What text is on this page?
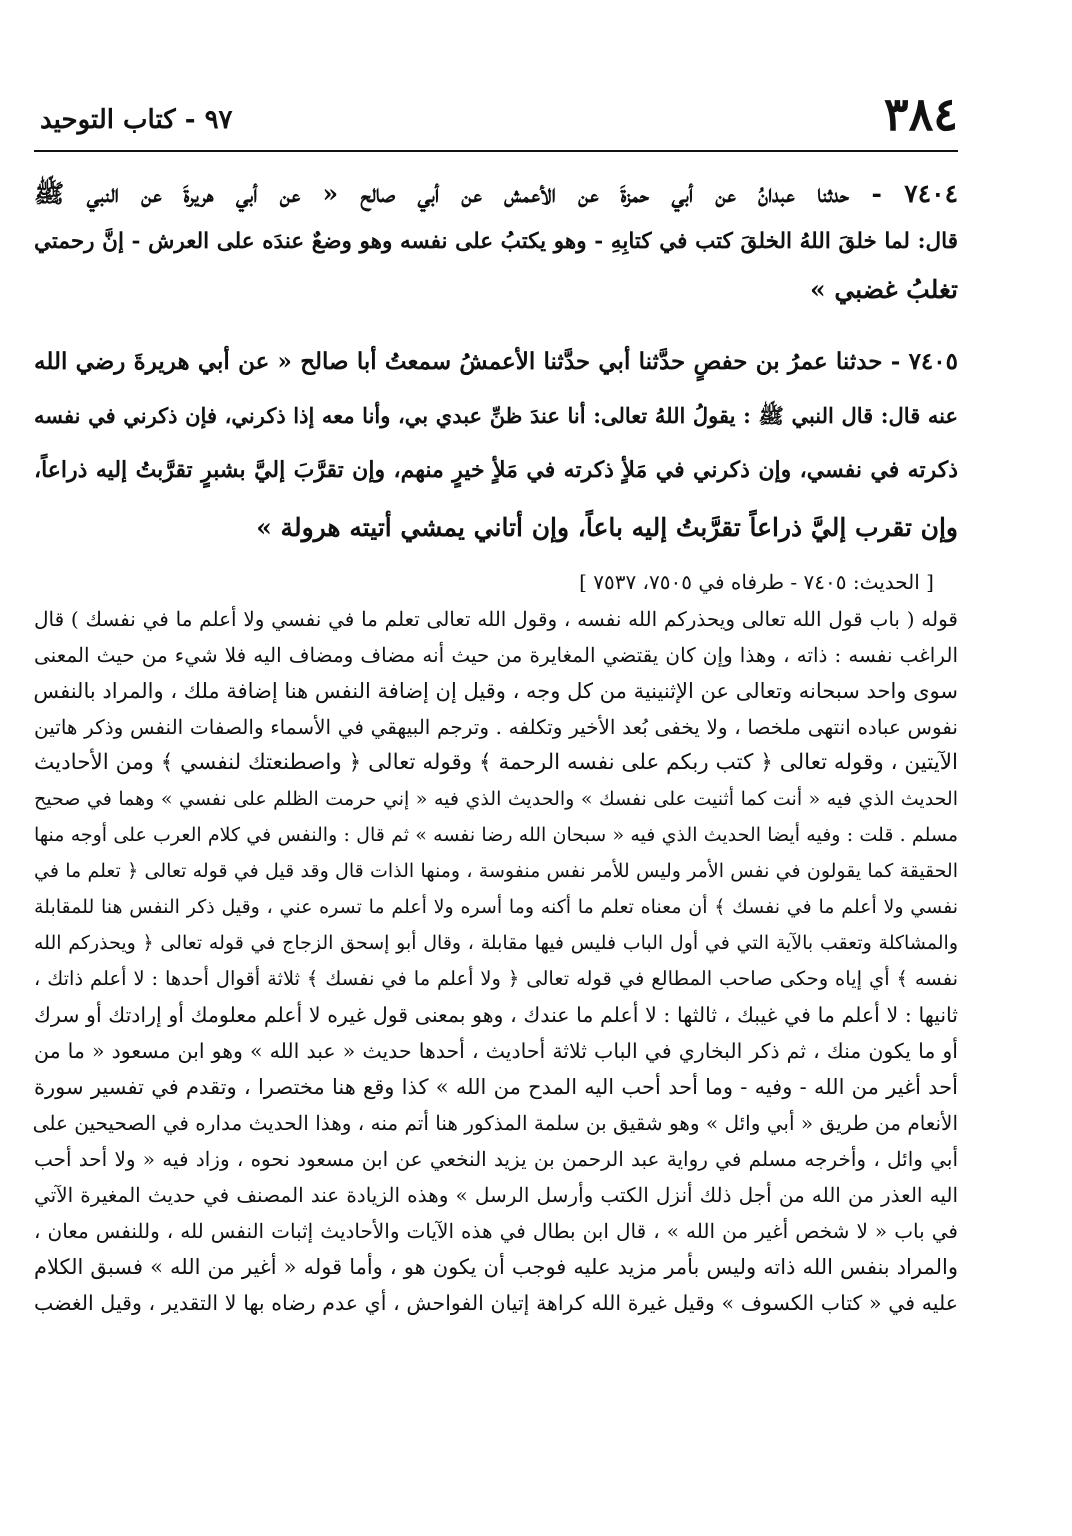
٣٨٤
٩٧ - كتاب التوحيد
٧٤٠٤ - حدثنا عبدانُ عن أبي حمزةَ عن الأعمش عن أبي صالح « عن أبي هريرةَ عن النبي ﷺ
قال: لما خلقَ اللهُ الخلقَ كتب في كتابِهِ - وهو يكتبُ على نفسه وهو وضعٌ عندَه على العرش - إنَّ رحمتي
تغلبُ غضبي »
٧٤٠٥ - حدثنا عمرُ بن حفصٍ حدَّثنا أبي حدَّثنا الأعمشُ سمعتُ أبا صالح « عن أبي هريرةَ رضي الله
عنه قال: قال النبي ﷺ : يقولُ اللهُ تعالى: أنا عندَ ظنِّ عبدي بي، وأنا معه إذا ذكرني، فإن ذكرني في نفسه
ذكرته في نفسي، وإن ذكرني في مَلأٍ ذكرته في مَلأٍ خيرٍ منهم، وإن تقرَّبَ إليَّ بشبرٍ تقرَّبتُ إليه ذراعاً،
وإن تقرب إليَّ ذراعاً تقرَّبتُ إليه باعاً، وإن أتاني يمشي أتيته هرولة »
[ الحديث: ٧٤٠٥ - طرفاه في ٧٥٠٥، ٧٥٣٧ ]
قوله ( باب قول الله تعالى ويحذركم الله نفسه ، وقول الله تعالى تعلم ما في نفسي ولا أعلم ما في نفسك ) قال
الراغب نفسه : ذاته ، وهذا وإن كان يقتضي المغايرة من حيث أنه مضاف ومضاف اليه فلا شيء من حيث المعنى
سوى واحد سبحانه وتعالى عن الإثنينية من كل وجه ، وقيل إن إضافة النفس هنا إضافة ملك ، والمراد بالنفس
نفوس عباده انتهى ملخصا ، ولا يخفى بُعد الأخير وتكلفه . وترجم البيهقي في الأسماء والصفات النفس وذكر هاتين
الآيتين ، وقوله تعالى ﴿ كتب ربكم على نفسه الرحمة ﴾ وقوله تعالى ﴿ واصطنعتك لنفسي ﴾ ومن الأحاديث
الحديث الذي فيه « أنت كما أثنيت على نفسك » والحديث الذي فيه « إني حرمت الظلم على نفسي » وهما في صحيح
مسلم . قلت : وفيه أيضا الحديث الذي فيه « سبحان الله رضا نفسه » ثم قال : والنفس في كلام العرب على أوجه منها
الحقيقة كما يقولون في نفس الأمر وليس للأمر نفس منفوسة ، ومنها الذات قال وقد قيل في قوله تعالى ﴿ تعلم ما في
نفسي ولا أعلم ما في نفسك ﴾ أن معناه تعلم ما أكنه وما أسره ولا أعلم ما تسره عني ، وقيل ذكر النفس هنا للمقابلة
والمشاكلة وتعقب بالآية التي في أول الباب فليس فيها مقابلة ، وقال أبو إسحق الزجاج في قوله تعالى ﴿ ويحذركم الله
نفسه ﴾ أي إياه وحكى صاحب المطالع في قوله تعالى ﴿ ولا أعلم ما في نفسك ﴾ ثلاثة أقوال أحدها : لا أعلم ذاتك ،
ثانيها : لا أعلم ما في غيبك ، ثالثها : لا أعلم ما عندك ، وهو بمعنى قول غيره لا أعلم معلومك أو إرادتك أو سرك
أو ما يكون منك ، ثم ذكر البخاري في الباب ثلاثة أحاديث ، أحدها حديث « عبد الله » وهو ابن مسعود « ما من
أحد أغير من الله - وفيه - وما أحد أحب اليه المدح من الله » كذا وقع هنا مختصرا ، وتقدم في تفسير سورة
الأنعام من طريق « أبي وائل » وهو شقيق بن سلمة المذكور هنا أتم منه ، وهذا الحديث مداره في الصحيحين على
أبي وائل ، وأخرجه مسلم في رواية عبد الرحمن بن يزيد النخعي عن ابن مسعود نحوه ، وزاد فيه « ولا أحد أحب
اليه العذر من الله من أجل ذلك أنزل الكتب وأرسل الرسل » وهذه الزيادة عند المصنف في حديث المغيرة الآتي
في باب « لا شخص أغير من الله » ، قال ابن بطال في هذه الآيات والأحاديث إثبات النفس لله ، وللنفس معان ،
والمراد بنفس الله ذاته وليس بأمر مزيد عليه فوجب أن يكون هو ، وأما قوله « أغير من الله » فسبق الكلام
عليه في « كتاب الكسوف » وقيل غيرة الله كراهة إتيان الفواحش ، أي عدم رضاه بها لا التقدير ، وقيل الغضب
